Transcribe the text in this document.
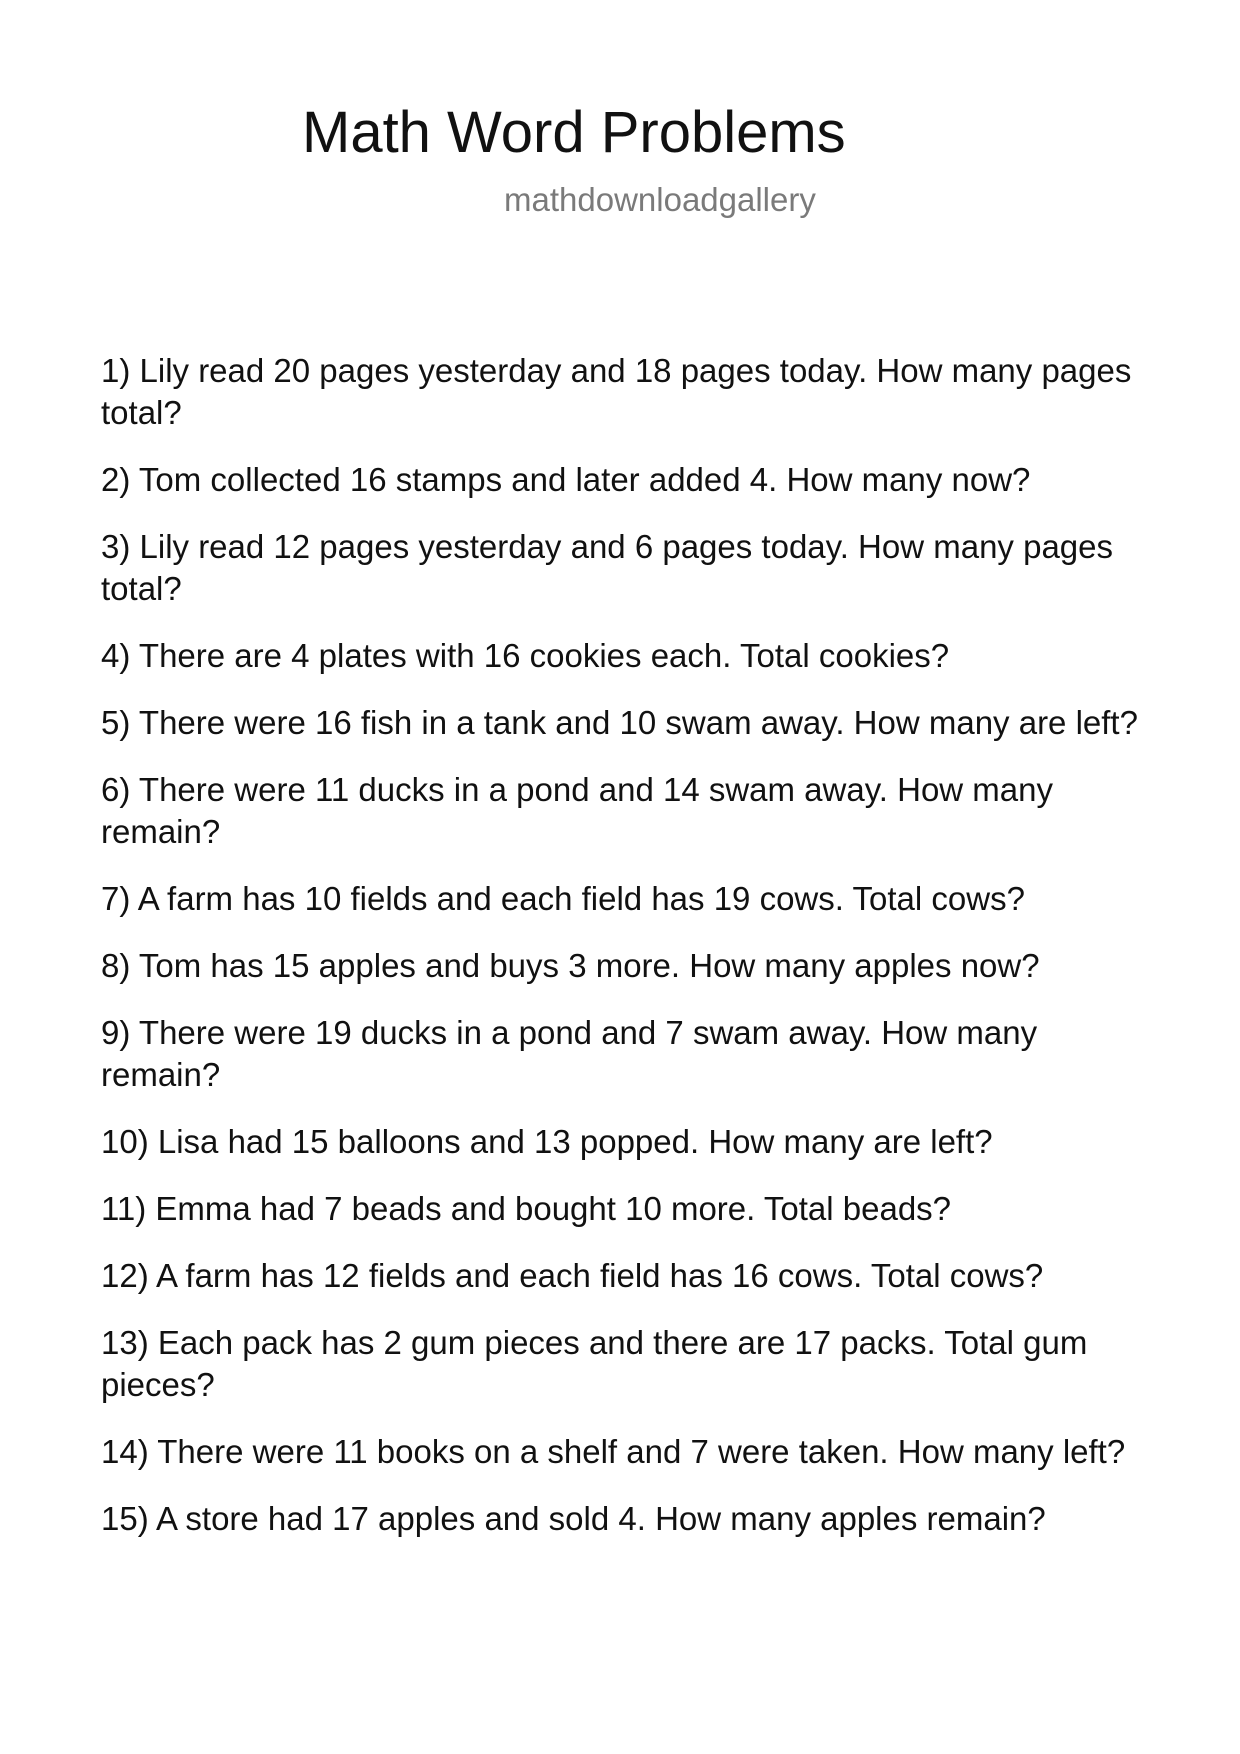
Math Word Problems
mathdownloadgallery
1) Lily read 20 pages yesterday and 18 pages today. How many pages total?
2) Tom collected 16 stamps and later added 4. How many now?
3) Lily read 12 pages yesterday and 6 pages today. How many pages total?
4) There are 4 plates with 16 cookies each. Total cookies?
5) There were 16 fish in a tank and 10 swam away. How many are left?
6) There were 11 ducks in a pond and 14 swam away. How many remain?
7) A farm has 10 fields and each field has 19 cows. Total cows?
8) Tom has 15 apples and buys 3 more. How many apples now?
9) There were 19 ducks in a pond and 7 swam away. How many remain?
10) Lisa had 15 balloons and 13 popped. How many are left?
11) Emma had 7 beads and bought 10 more. Total beads?
12) A farm has 12 fields and each field has 16 cows. Total cows?
13) Each pack has 2 gum pieces and there are 17 packs. Total gum pieces?
14) There were 11 books on a shelf and 7 were taken. How many left?
15) A store had 17 apples and sold 4. How many apples remain?
